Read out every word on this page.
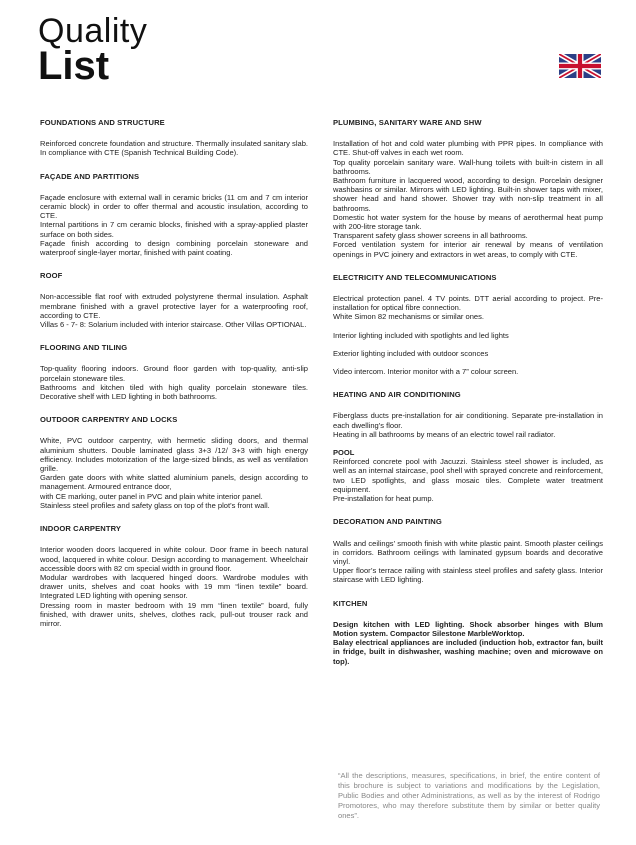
Quality
List
FOUNDATIONS AND STRUCTURE

Reinforced concrete foundation and structure. Thermally insulated sanitary slab. In compliance with CTE (Spanish Technical Building Code).

FAÇADE AND PARTITIONS

Façade enclosure with external wall in ceramic bricks (11 cm and 7 cm interior ceramic block) in order to offer thermal and acoustic insulation, according to CTE.

Internal partitions in 7 cm ceramic blocks, finished with a spray-applied plaster surface on both sides.

Façade finish according to design combining porcelain stoneware and waterproof single-layer mortar, finished with paint coating.

ROOF

Non-accessible flat roof with extruded polystyrene thermal insulation. Asphalt membrane finished with a gravel protective layer for a waterproofing roof, according to CTE.

Villas 6 - 7- 8: Solarium included with interior staircase. Other Villas OPTIONAL.

FLOORING AND TILING

Top-quality flooring indoors. Ground floor garden with top-quality, anti-slip porcelain stoneware tiles.

Bathrooms and kitchen tiled with high quality porcelain stoneware tiles. Decorative shelf with LED lighting in both bathrooms.

OUTDOOR CARPENTRY AND LOCKS

White, PVC outdoor carpentry, with hermetic sliding doors, and thermal aluminium shutters. Double laminated glass 3+3 /12/ 3+3 with high energy efficiency. Includes motorization of the large-sized blinds, as well as ventilation grille.

Garden gate doors with white slatted aluminium panels, design according to management. Armoured entrance door,

with CE marking, outer panel in PVC and plain white interior panel.

Stainless steel profiles and safety glass on top of the plot’s front wall.

INDOOR CARPENTRY

Interior wooden doors lacquered in white colour. Door frame in beech natural wood, lacquered in white colour. Design according to management. Wheelchair accessible doors with 82 cm special width in ground floor.

Modular wardrobes with lacquered hinged doors. Wardrobe modules with drawer units, shelves and coat hooks with 19 mm “linen textile” board. Integrated LED lighting with opening sensor.

Dressing room in master bedroom with 19 mm “linen textile” board, fully finished, with drawer units, shelves, clothes rack, pull-out trouser rack and mirror.

PLUMBING, SANITARY WARE AND SHW

Installation of hot and cold water plumbing with PPR pipes. In compliance with CTE. Shut-off valves in each wet room.

Top quality porcelain sanitary ware. Wall-hung toilets with built-in cistern in all bathrooms.

Bathroom furniture in lacquered wood, according to design. Porcelain designer washbasins or similar. Mirrors with LED lighting. Built-in shower taps with mixer, shower head and hand shower. Shower tray with non-slip treatment in all bathrooms.

Domestic hot water system for the house by means of aerothermal heat pump with 200-litre storage tank.

Transparent safety glass shower screens in all bathrooms.

Forced ventilation system for interior air renewal by means of ventilation openings in PVC joinery and extractors in wet areas, to comply with CTE.

ELECTRICITY AND TELECOMMUNICATIONS

Electrical protection panel. 4 TV points. DTT aerial according to project. Pre-installation for optical fibre connection.

White Simon 82 mechanisms or similar ones.

Interior lighting included with spotlights and led lights

Exterior lighting included with outdoor sconces

Video intercom. Interior monitor with a 7” colour screen.

HEATING AND AIR CONDITIONING

Fiberglass ducts pre-installation for air conditioning. Separate pre-installation in each dwelling’s floor.

Heating in all bathrooms by means of an electric towel rail radiator.

POOL

Reinforced concrete pool with Jacuzzi. Stainless steel shower is included, as well as an internal staircase, pool shell with sprayed concrete and reinforcement, two LED spotlights, and glass mosaic tiles. Complete water treatment equipment.

Pre-installation for heat pump.

DECORATION AND PAINTING

Walls and ceilings’ smooth finish with white plastic paint. Smooth plaster ceilings in corridors. Bathroom ceilings with laminated gypsum boards and decorative vinyl.

Upper floor’s terrace railing with stainless steel profiles and safety glass. Interior staircase with LED lighting.

KITCHEN

Design kitchen with LED lighting. Shock absorber hinges with Blum Motion system. Compactor Silestone MarbleWorktop.

Balay electrical appliances are included (induction hob, extractor fan, built in fridge, built in dishwasher, washing machine; oven and microwave on top).

“All the descriptions, measures, specifications, in brief, the entire content of this brochure is subject to variations and modifications by the Legislation, Public Bodies and other Administrations, as well as by the interest of Rodrigo Promotores, who may therefore substitute them by similar or better quality ones”.
